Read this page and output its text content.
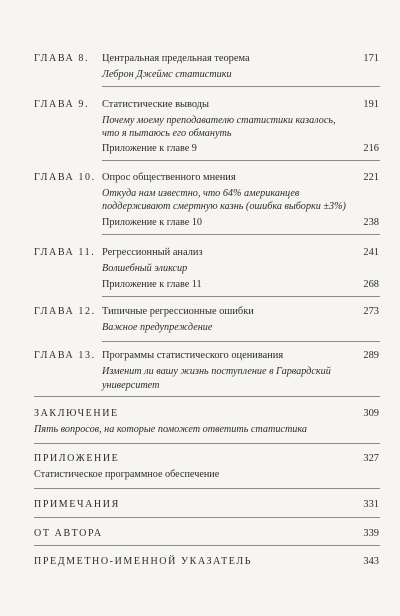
ГЛАВА 8. Центральная предельная теорема	171
Леброн Джеймс статистики
ГЛАВА 9. Статистические выводы	191
Почему моему преподавателю статистики казалось,
что я пытаюсь его обмануть
Приложение к главе 9	216
ГЛАВА 10. Опрос общественного мнения	221
Откуда нам известно, что 64% американцев
поддерживают смертную казнь (ошибка выборки ±3%)
Приложение к главе 10	238
ГЛАВА 11. Регрессионный анализ	241
Волшебный эликсир
Приложение к главе 11	268
ГЛАВА 12. Типичные регрессионные ошибки	273
Важное предупреждение
ГЛАВА 13. Программы статистического оценивания	289
Изменит ли вашу жизнь поступление в Гарвардский
университет
ЗАКЛЮЧЕНИЕ	309
Пять вопросов, на которые поможет ответить статистика
ПРИЛОЖЕНИЕ	327
Статистическое программное обеспечение
ПРИМЕЧАНИЯ	331
ОТ АВТОРА	339
ПРЕДМЕТНО-ИМЕННОЙ УКАЗАТЕЛЬ	343
